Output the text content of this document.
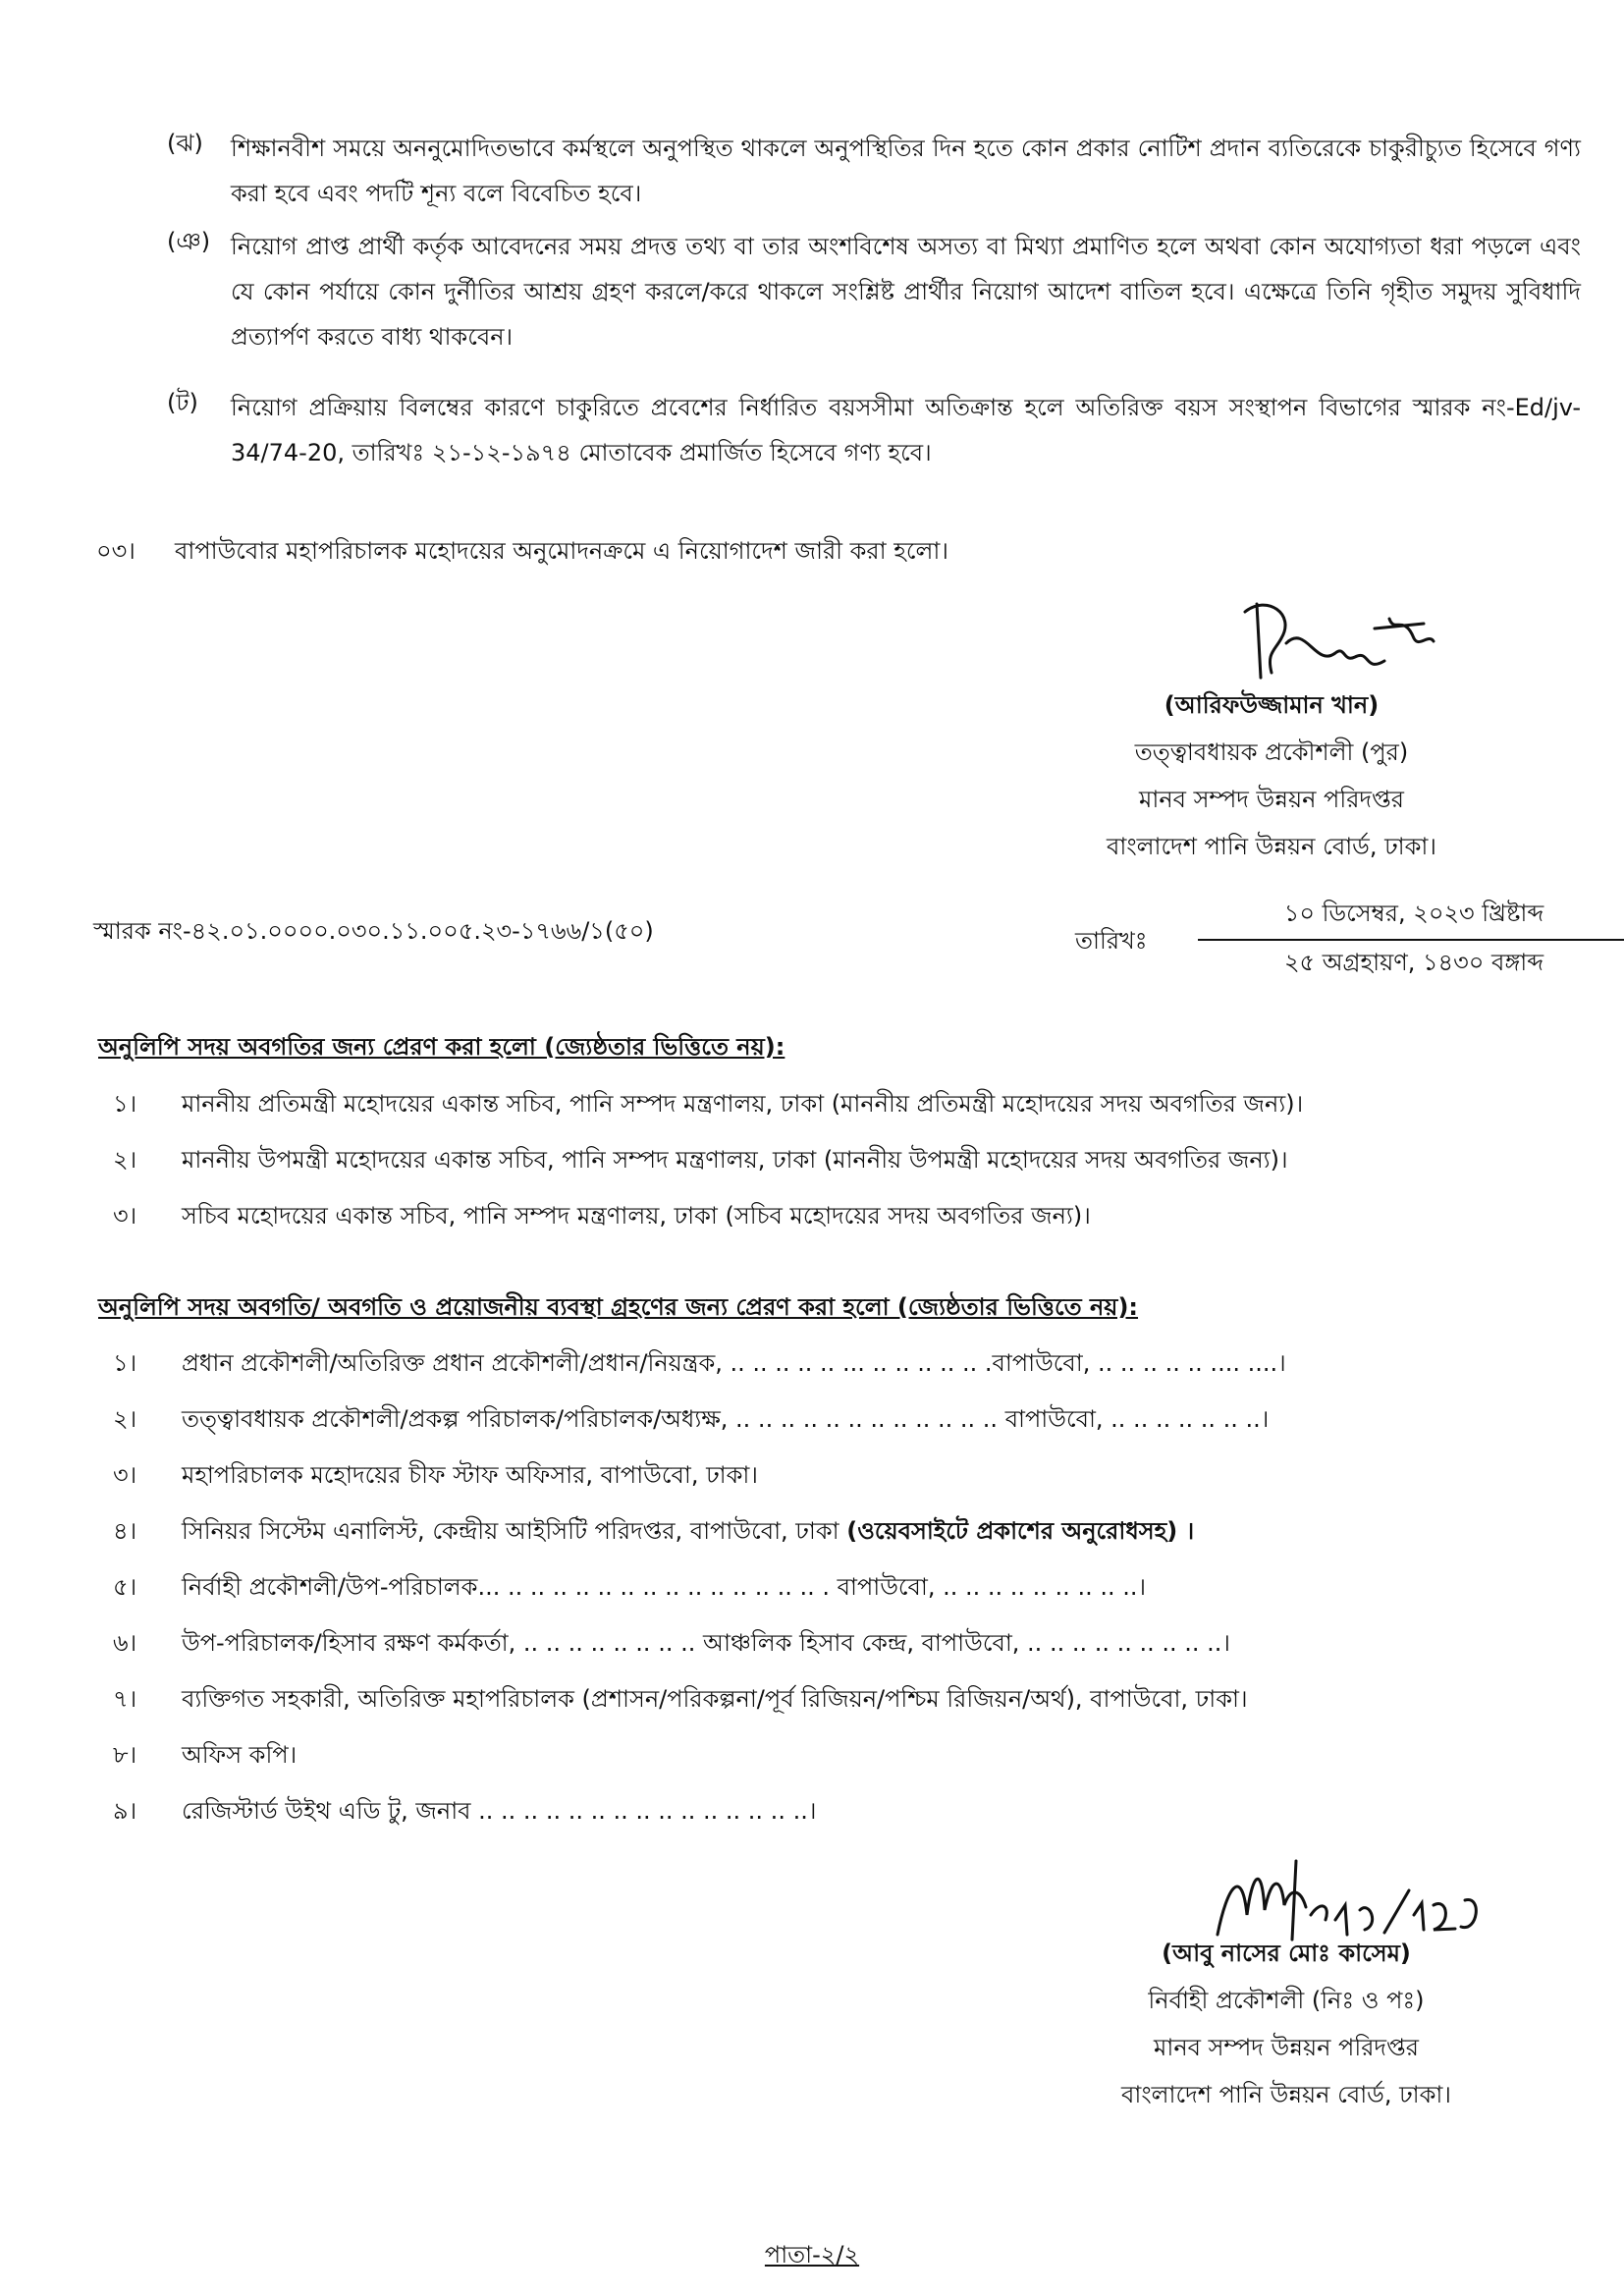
(ঝ)	শিক্ষানবীশ সময়ে অননুমোদিতভাবে কর্মস্থলে অনুপস্থিত থাকলে অনুপস্থিতির দিন হতে কোন প্রকার নোটিশ প্রদান ব্যতিরেকে চাকুরীচ্যুত হিসেবে গণ্য করা হবে এবং পদটি শূন্য বলে বিবেচিত হবে।
(ঞ) নিয়োগ প্রাপ্ত প্রার্থী কর্তৃক আবেদনের সময় প্রদত্ত তথ্য বা তার অংশবিশেষ অসত্য বা মিথ্যা প্রমাণিত হলে অথবা কোন অযোগ্যতা ধরা পড়লে এবং যে কোন পর্যায়ে কোন দুর্নীতির আশ্রয় গ্রহণ করলে/করে থাকলে সংশ্লিষ্ট প্রার্থীর নিয়োগ আদেশ বাতিল হবে। এক্ষেত্রে তিনি গৃহীত সমুদয় সুবিধাদি প্রত্যার্পণ করতে বাধ্য থাকবেন।
(ট)	নিয়োগ প্রক্রিয়ায় বিলম্বের কারণে চাকুরিতে প্রবেশের নির্ধারিত বয়সসীমা অতিক্রান্ত হলে অতিরিক্ত বয়স সংস্থাপন বিভাগের স্মারক নং-Ed/jv-34/74-20, তারিখঃ ২১-১২-১৯৭৪ মোতাবেক প্রমার্জিত হিসেবে গণ্য হবে।
০৩। বাপাউবোর মহাপরিচালক মহোদয়ের অনুমোদনক্রমে এ নিয়োগাদেশ জারী করা হলো।
(আরিফউজ্জামান খান)
তত্ত্বাবধায়ক প্রকৌশলী (পুর)
মানব সম্পদ উন্নয়ন পরিদপ্তর
বাংলাদেশ পানি উন্নয়ন বোর্ড, ঢাকা।
স্মারক নং-৪২.০১.০০০০.০৩০.১১.০০৫.২৩-১৭৬৬/১(৫০)	তারিখঃ
১০ ডিসেম্বর, ২০২৩ খ্রিষ্টাব্দ
২৫ অগ্রহায়ণ, ১৪৩০ বঙ্গাব্দ
অনুলিপি সদয় অবগতির জন্য প্রেরণ করা হলো (জ্যেষ্ঠতার ভিত্তিতে নয়):
১। মাননীয় প্রতিমন্ত্রী মহোদয়ের একান্ত সচিব, পানি সম্পদ মন্ত্রণালয়, ঢাকা (মাননীয় প্রতিমন্ত্রী মহোদয়ের সদয় অবগতির জন্য)।
২। মাননীয় উপমন্ত্রী মহোদয়ের একান্ত সচিব, পানি সম্পদ মন্ত্রণালয়, ঢাকা (মাননীয় উপমন্ত্রী মহোদয়ের সদয় অবগতির জন্য)।
৩। সচিব মহোদয়ের একান্ত সচিব, পানি সম্পদ মন্ত্রণালয়, ঢাকা (সচিব মহোদয়ের সদয় অবগতির জন্য)।
অনুলিপি সদয় অবগতি/ অবগতি ও প্রয়োজনীয় ব্যবস্থা গ্রহণের জন্য প্রেরণ করা হলো (জ্যেষ্ঠতার ভিত্তিতে নয়):
১। প্রধান প্রকৌশলী/অতিরিক্ত প্রধান প্রকৌশলী/প্রধান/নিয়ন্ত্রক, .. .. .. .. .. ... .. .. .. .. .. .বাপাউবো, .. .. .. .. .. .... ....।
২। তত্ত্বাবধায়ক প্রকৌশলী/প্রকল্প পরিচালক/পরিচালক/অধ্যক্ষ, .. .. .. .. .. .. .. .. .. .. .. .. বাপাউবো, .. .. .. .. .. .. ..।
৩। মহাপরিচালক মহোদয়ের চীফ স্টাফ অফিসার, বাপাউবো, ঢাকা।
৪। সিনিয়র সিস্টেম এনালিস্ট, কেন্দ্রীয় আইসিটি পরিদপ্তর, বাপাউবো, ঢাকা (ওয়েবসাইটে প্রকাশের অনুরোধসহ) ।
৫। নির্বাহী প্রকৌশলী/উপ-পরিচালক... .. .. .. .. .. .. .. .. .. .. .. .. .. .. . বাপাউবো, .. .. .. .. .. .. .. .. ..।
৬। উপ-পরিচালক/হিসাব রক্ষণ কর্মকর্তা, .. .. .. .. .. .. .. .. আঞ্চলিক হিসাব কেন্দ্র, বাপাউবো, .. .. .. .. .. .. .. .. ..।
৭। ব্যক্তিগত সহকারী, অতিরিক্ত মহাপরিচালক (প্রশাসন/পরিকল্পনা/পূর্ব রিজিয়ন/পশ্চিম রিজিয়ন/অর্থ), বাপাউবো, ঢাকা।
৮। অফিস কপি।
৯। রেজিস্টার্ড উইথ এডি টু, জনাব .. .. .. .. .. .. .. .. .. .. .. .. .. .. ..।
(আবু নাসের মোঃ কাসেম)
নির্বাহী প্রকৌশলী (নিঃ ও পঃ)
মানব সম্পদ উন্নয়ন পরিদপ্তর
বাংলাদেশ পানি উন্নয়ন বোর্ড, ঢাকা।
পাতা-২/২
